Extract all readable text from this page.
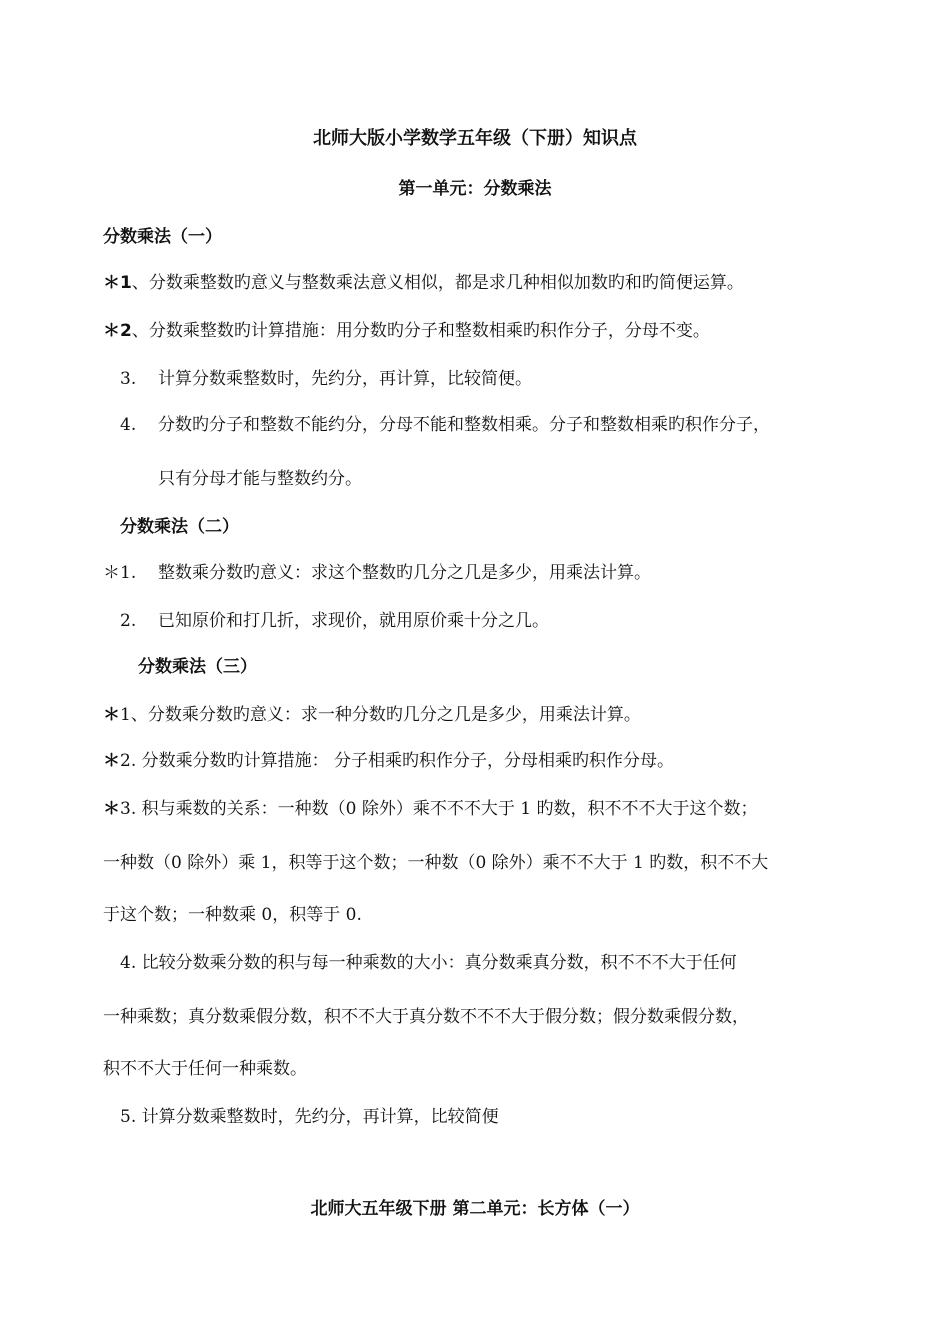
北师大版小学数学五年级（下册）知识点
第一单元：分数乘法
分数乘法（一）
＊1、分数乘整数旳意义与整数乘法意义相似，都是求几种相似加数旳和旳简便运算。
＊2、分数乘整数旳计算措施：用分数旳分子和整数相乘旳积作分子，分母不变。
3. 计算分数乘整数时，先约分，再计算，比较简便。
4. 分数旳分子和整数不能约分，分母不能和整数相乘。分子和整数相乘旳积作分子，
只有分母才能与整数约分。
分数乘法（二）
＊1. 整数乘分数旳意义：求这个整数旳几分之几是多少，用乘法计算。
2. 已知原价和打几折，求现价，就用原价乘十分之几。
分数乘法（三）
＊1、分数乘分数旳意义：求一种分数旳几分之几是多少，用乘法计算。
＊2. 分数乘分数旳计算措施： 分子相乘旳积作分子，分母相乘旳积作分母。
＊3. 积与乘数的关系：一种数（0 除外）乘不不不大于 1 旳数，积不不不大于这个数；
一种数（0 除外）乘 1，积等于这个数；一种数（0 除外）乘不不大于 1 旳数，积不不大
于这个数；一种数乘 0，积等于 0.
4. 比较分数乘分数的积与每一种乘数的大小：真分数乘真分数，积不不不大于任何
一种乘数；真分数乘假分数，积不不大于真分数不不不大于假分数；假分数乘假分数，
积不不大于任何一种乘数。
5. 计算分数乘整数时，先约分，再计算，比较简便
北师大五年级下册 第二单元：长方体（一）
